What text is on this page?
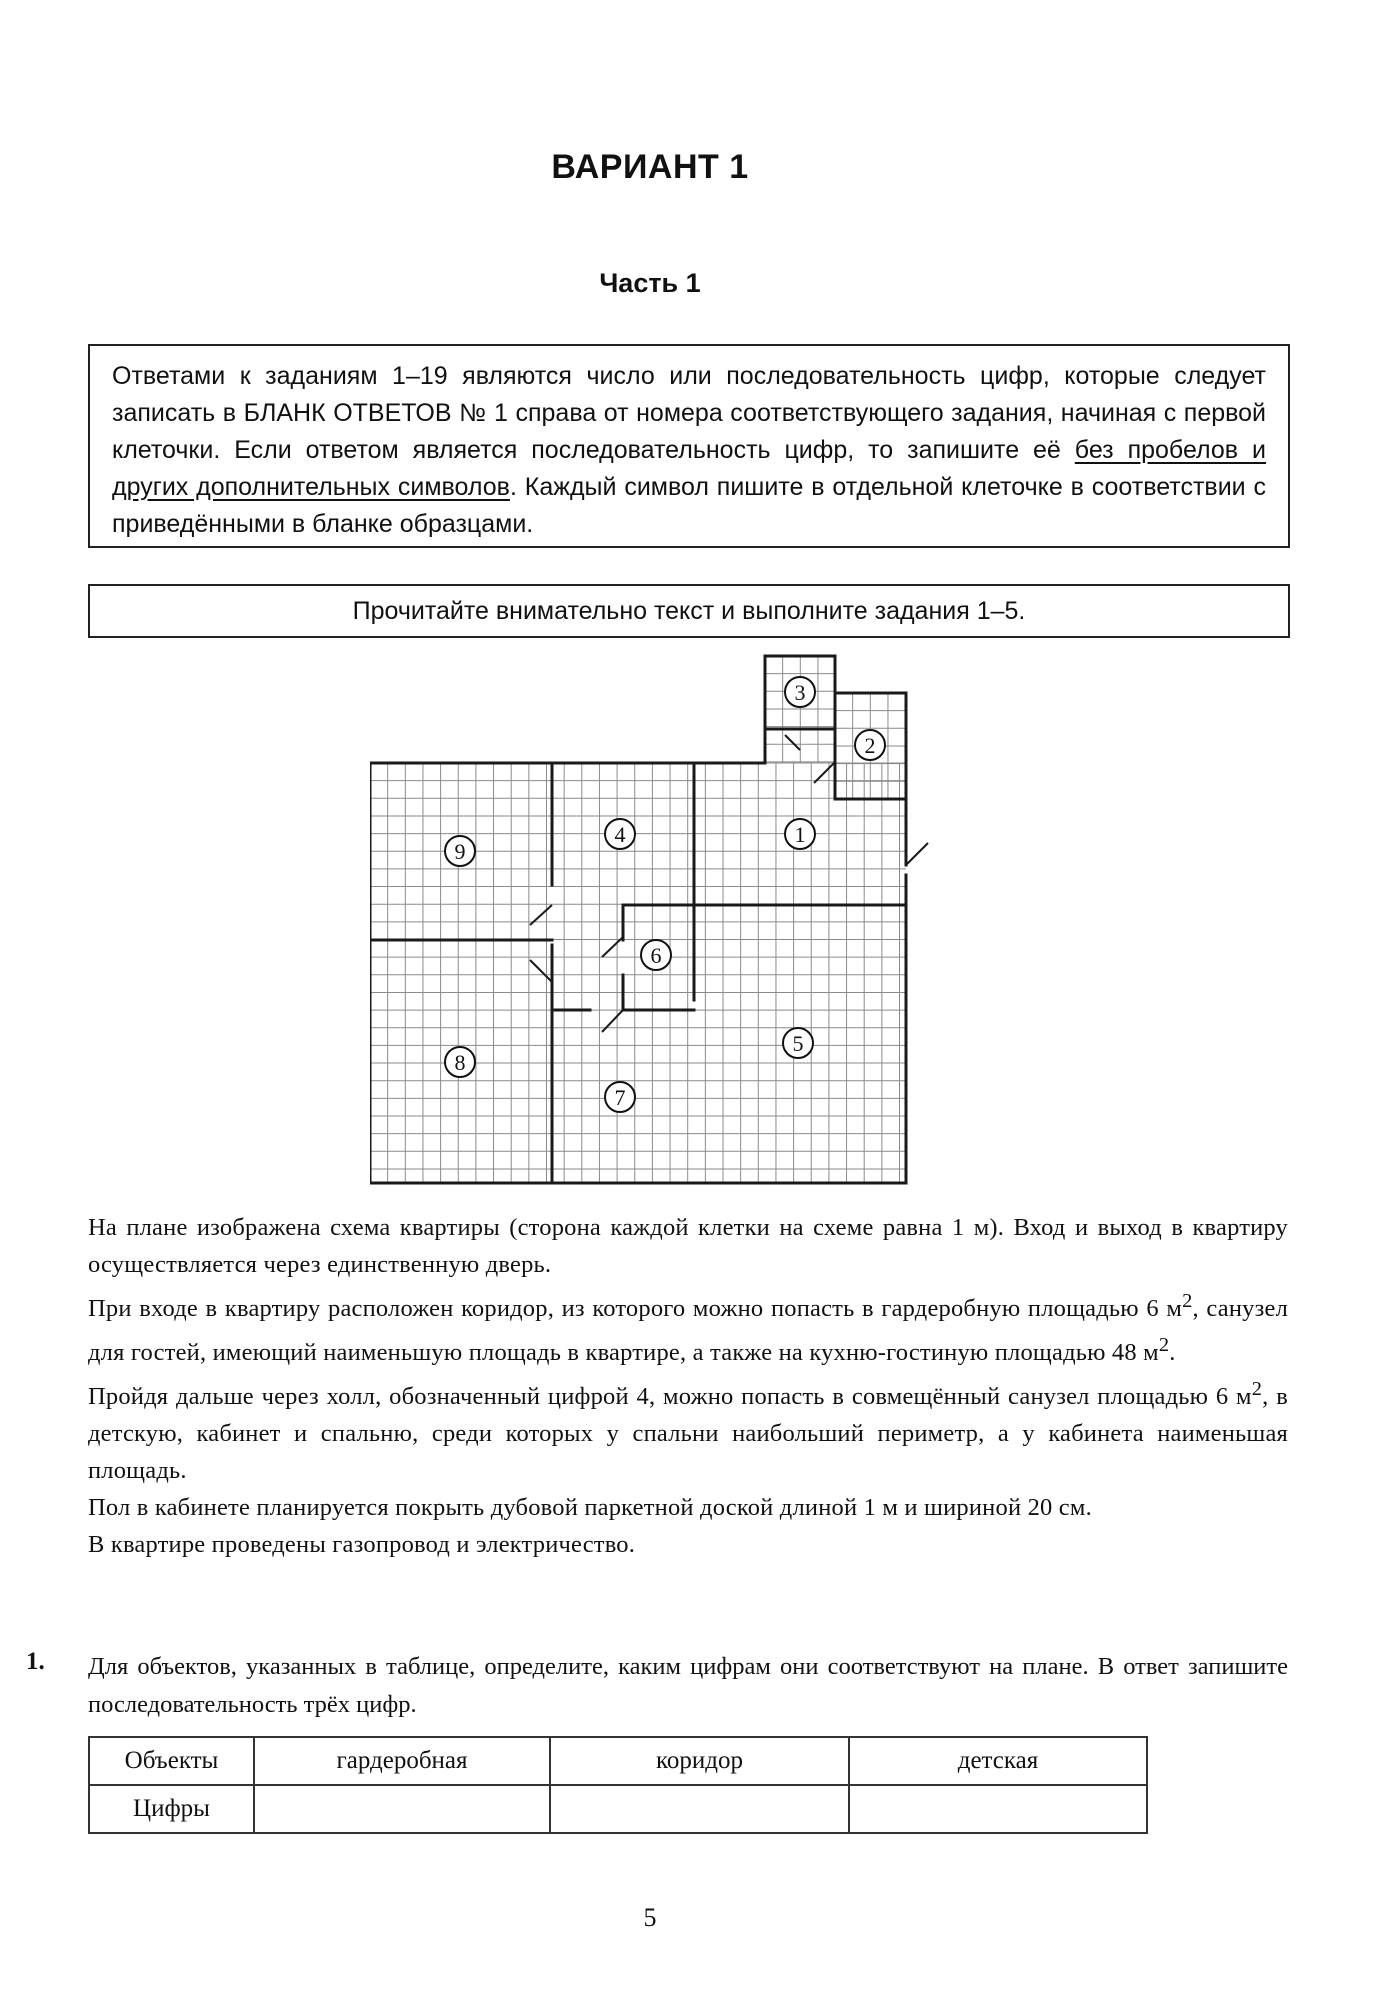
ВАРИАНТ 1
Часть 1
Ответами к заданиям 1–19 являются число или последовательность цифр, которые следует записать в БЛАНК ОТВЕТОВ № 1 справа от номера соответствующего задания, начиная с первой клеточки. Если ответом является последовательность цифр, то запишите её без пробелов и других дополнительных символов. Каждый символ пишите в отдельной клеточке в соответствии с приведёнными в бланке образцами.
Прочитайте внимательно текст и выполните задания 1–5.
3
2
9
4	1
6
8
5
7

На плане изображена схема квартиры (сторона каждой клетки на схеме равна 1 м). Вход и выход в квартиру осуществляется через единственную дверь.

При входе в квартиру расположен коридор, из которого можно попасть в гардеробную площадью 6 $м^2$, санузел для гостей, имеющий наименьшую площадь в квартире, а также на кухню-гостиную площадью 48 $м^2$.

Пройдя дальше через холл, обозначенный цифрой 4, можно попасть в совмещённый санузел площадью 6 $м^2$, в детскую, кабинет и спальню, среди которых у спальни наибольший периметр, а у кабинета наименьшая площадь.

Пол в кабинете планируется покрыть дубовой паркетной доской длиной 1 м и шириной 20 см.

В квартире проведены газопровод и электричество.

1. Для объектов, указанных в таблице, определите, каким цифрам они соответствуют на плане. В ответ запишите последовательность трёх цифр.
Объекты	гардеробная	коридор	детская
Цифры			
5
